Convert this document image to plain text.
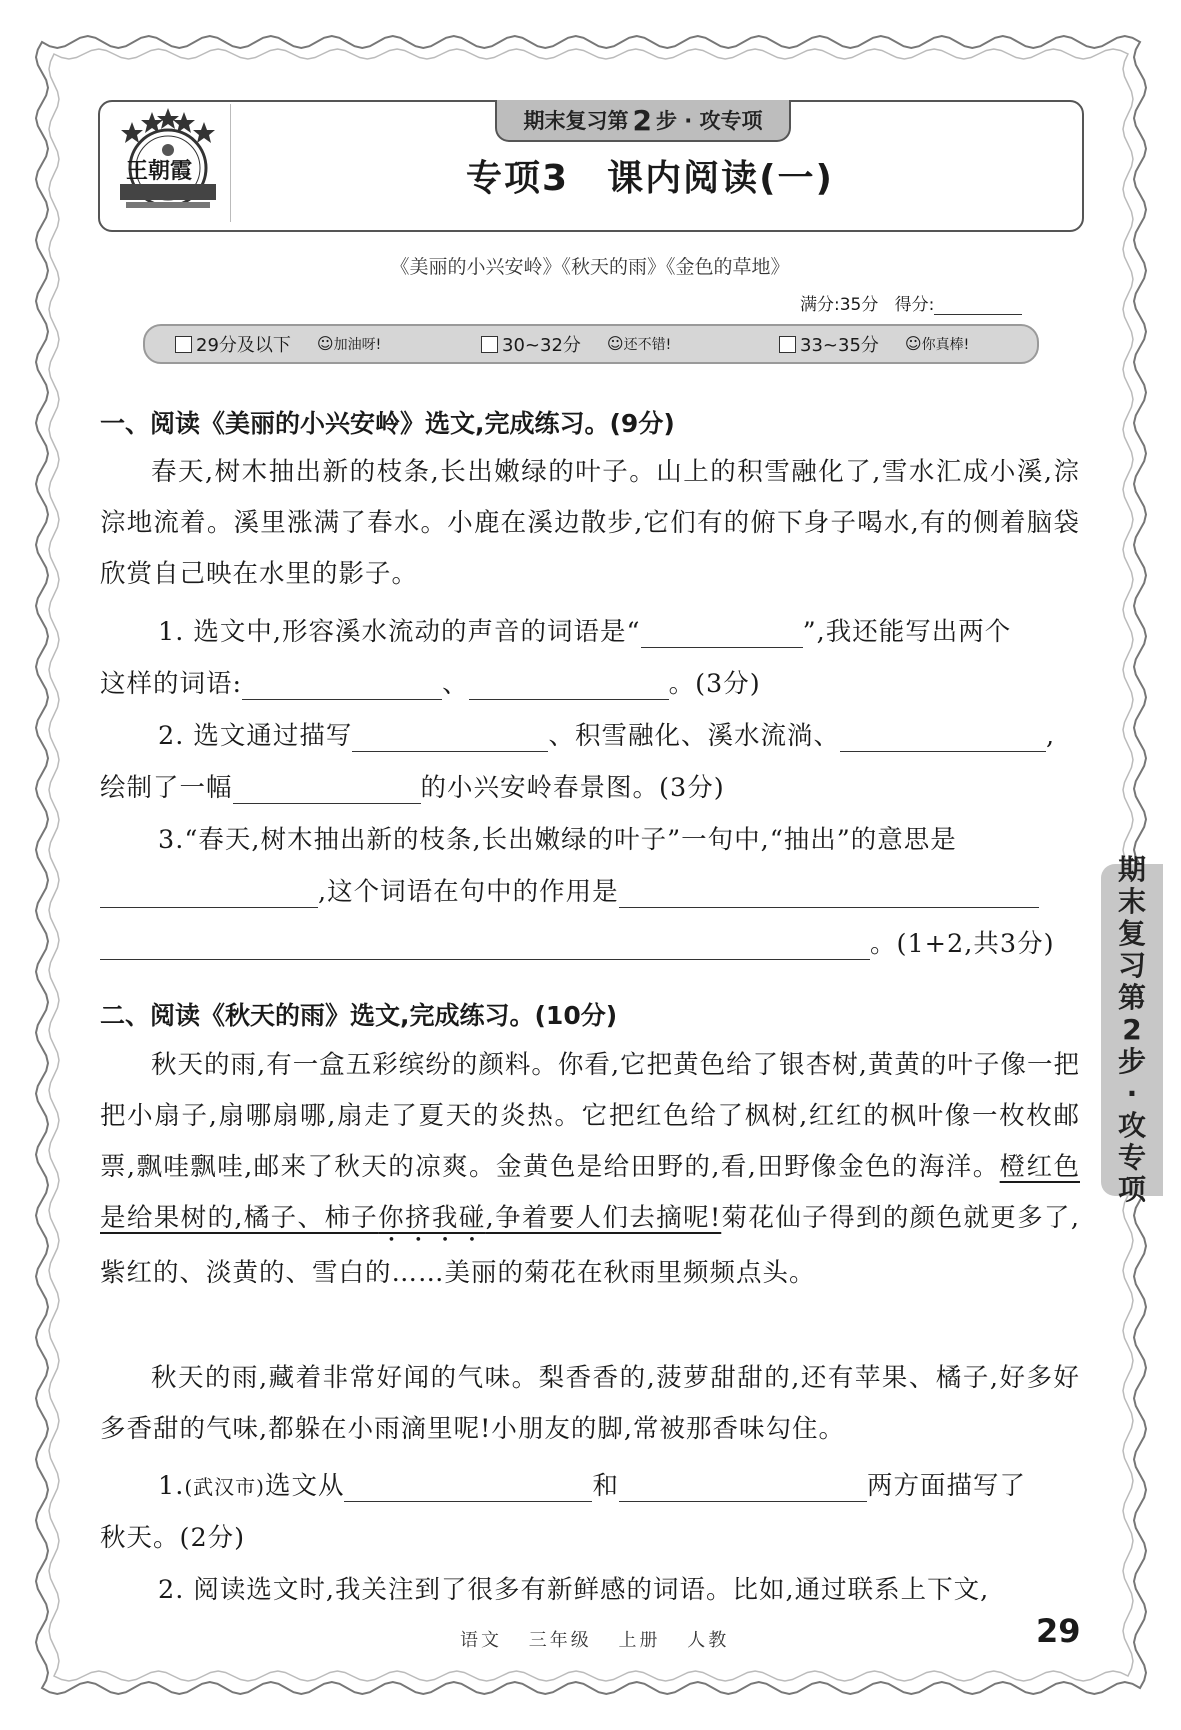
期末复习第 2 步 · 攻专项
王朝霞	专项3　课内阅读(一)
《美丽的小兴安岭》《秋天的雨》《金色的草地》
满分:35分 得分:
29分及以下 ☺加油呀!	30~32分 ☺还不错!	33~35分 ☺你真棒!
一、阅读《美丽的小兴安岭》选文,完成练习。(9分)
春天,树木抽出新的枝条,长出嫩绿的叶子。山上的积雪融化了,雪水汇成小溪,淙淙地流着。溪里涨满了春水。小鹿在溪边散步,它们有的俯下身子喝水,有的侧着脑袋欣赏自己映在水里的影子。
1. 选文中,形容溪水流动的声音的词语是“	”,我还能写出两个
这样的词语:	、	。(3分)
2. 选文通过描写	、积雪融化、溪水流淌、	,
绘制了一幅	的小兴安岭春景图。(3分)
3.“春天,树木抽出新的枝条,长出嫩绿的叶子”一句中,“抽出”的意思是
,这个词语在句中的作用是
。(1+2,共3分)
二、阅读《秋天的雨》选文,完成练习。(10分)
秋天的雨,有一盒五彩缤纷的颜料。你看,它把黄色给了银杏树,黄黄的叶子像一把把小扇子,扇哪扇哪,扇走了夏天的炎热。它把红色给了枫树,红红的枫叶像一枚枚邮票,飘哇飘哇,邮来了秋天的凉爽。金黄色是给田野的,看,田野像金色的海洋。橙红色是给果树的,橘子、柿子你挤我碰,争着要人们去摘呢!菊花仙子得到的颜色就更多了,紫红的、淡黄的、雪白的……美丽的菊花在秋雨里频频点头。
秋天的雨,藏着非常好闻的气味。梨香香的,菠萝甜甜的,还有苹果、橘子,好多好多香甜的气味,都躲在小雨滴里呢!小朋友的脚,常被那香味勾住。
1.(武汉市)选文从	和	两方面描写了
秋天。(2分)
2. 阅读选文时,我关注到了很多有新鲜感的词语。比如,通过联系上下文,
期
末
复
习
第
2
步
·
攻
专
项
语文 三年级 上册 人教	29
